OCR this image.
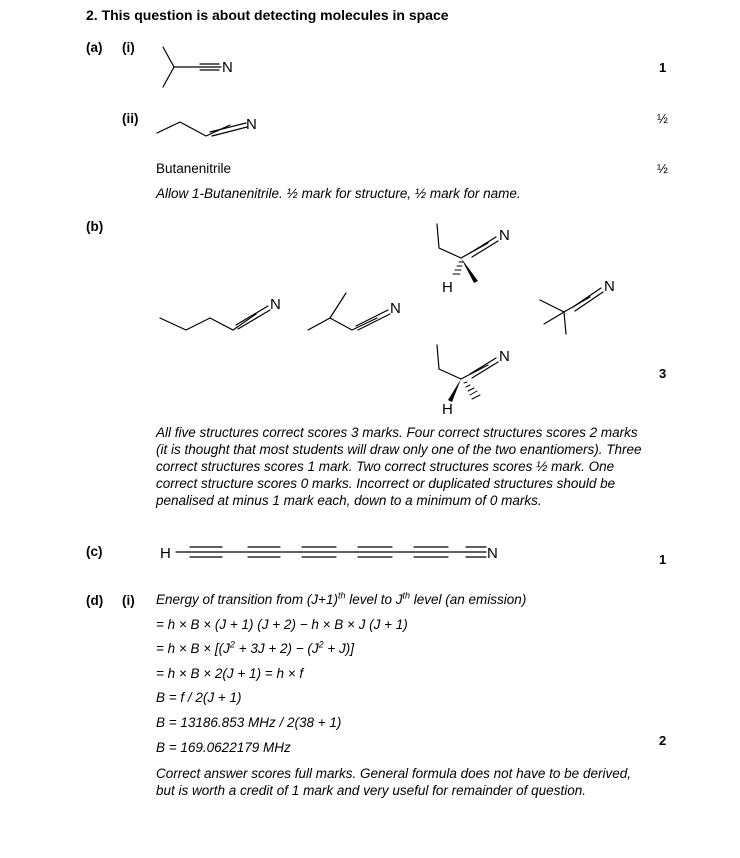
2. This question is about detecting molecules in space
(a) (i)
(ii)
(b)
(c)
(d) (i)
1
½
½
3
1
2
N
N
N	N
N
N
H
N
H
H	N
Butanenitrile
Allow 1-Butanenitrile. ½ mark for structure, ½ mark for name.
All five structures correct scores 3 marks. Four correct structures scores 2 marks (it is thought that most students will draw only one of the two enantiomers). Three correct structures scores 1 mark. Two correct structures scores ½ mark. One correct structure scores 0 marks. Incorrect or duplicated structures should be penalised at minus 1 mark each, down to a minimum of 0 marks.
Energy of transition from $(J+1)^{th}$ level to $J^{th}$ level (an emission)
= h × B × (J + 1) (J + 2) − h × B × J (J + 1)
= $h \times B \times [(J^2 + 3J + 2) - (J^2 + J)]$
= h × B × 2(J + 1) = h × f
B = f / 2(J + 1)
B = 13186.853 MHz / 2(38 + 1)
B = 169.0622179 MHz
Correct answer scores full marks. General formula does not have to be derived, but is worth a credit of 1 mark and very useful for remainder of question.
